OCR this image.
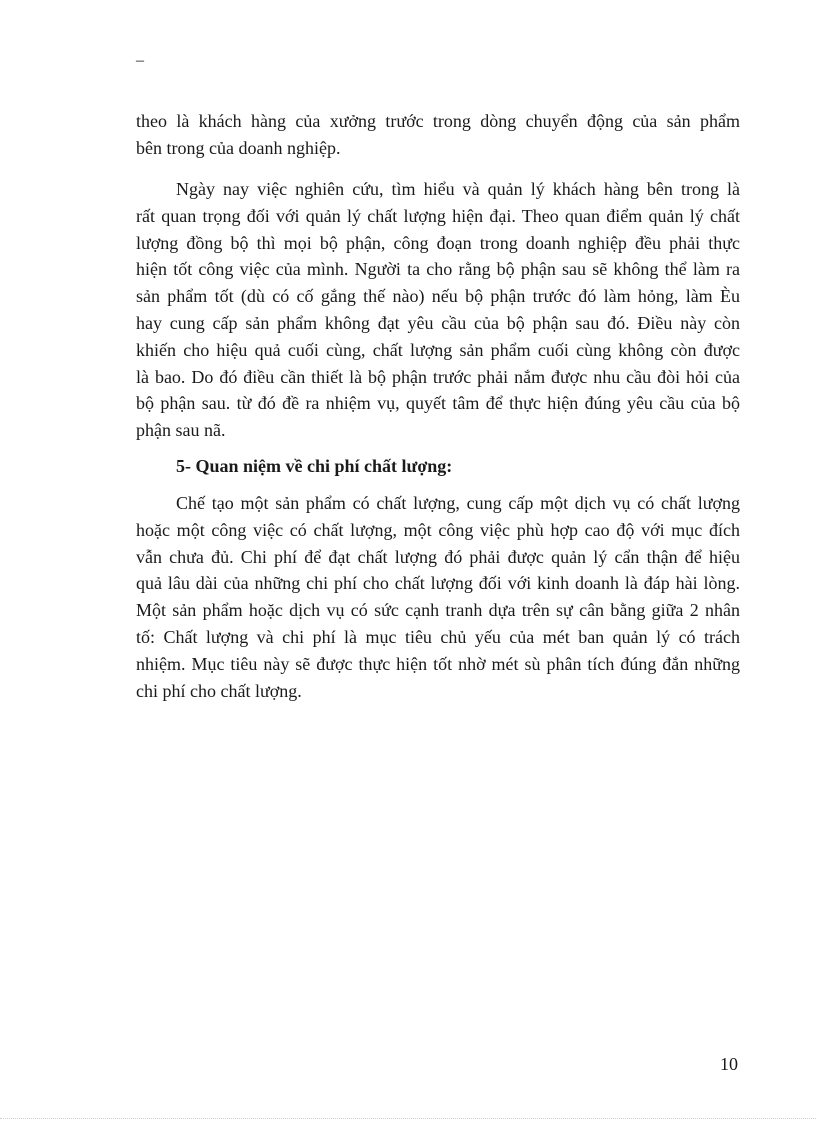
–
theo là khách hàng của xưởng trước trong dòng chuyển động của sản phẩm
bên trong của doanh nghiệp.
Ngày nay việc nghiên cứu, tìm hiểu và quản lý khách hàng bên trong là
rất quan trọng đối với quản lý chất lượng hiện đại. Theo quan điểm quản lý chất
lượng đồng bộ thì mọi bộ phận, công đoạn trong doanh nghiệp đều phải thực
hiện tốt công việc của mình. Người ta cho rằng bộ phận sau sẽ không thể làm ra
sản phẩm tốt (dù có cố gắng thế nào) nếu bộ phận trước đó làm hỏng, làm Èu
hay cung cấp sản phẩm không đạt yêu cầu của bộ phận sau đó. Điều này còn
khiến cho hiệu quả cuối cùng, chất lượng sản phẩm cuối cùng không còn được
là bao. Do đó điều cần thiết là bộ phận trước phải nắm được nhu cầu đòi hỏi của
bộ phận sau. từ đó đề ra nhiệm vụ, quyết tâm để thực hiện đúng yêu cầu của bộ
phận sau nã.
5- Quan niệm về chi phí chất lượng:
Chế tạo một sản phẩm có chất lượng, cung cấp một dịch vụ có chất lượng
hoặc một công việc có chất lượng, một công việc phù hợp cao độ với mục đích
vẫn chưa đủ. Chi phí để đạt chất lượng đó phải được quản lý cẩn thận để hiệu
quả lâu dài của những chi phí cho chất lượng đối với kinh doanh là đáp hài lòng.
Một sản phẩm hoặc dịch vụ có sức cạnh tranh dựa trên sự cân bằng giữa 2 nhân
tố: Chất lượng và chi phí là mục tiêu chủ yếu của mét ban quản lý có trách
nhiệm. Mục tiêu này sẽ được thực hiện tốt nhờ mét sù phân tích đúng đắn những
chi phí cho chất lượng.
10
